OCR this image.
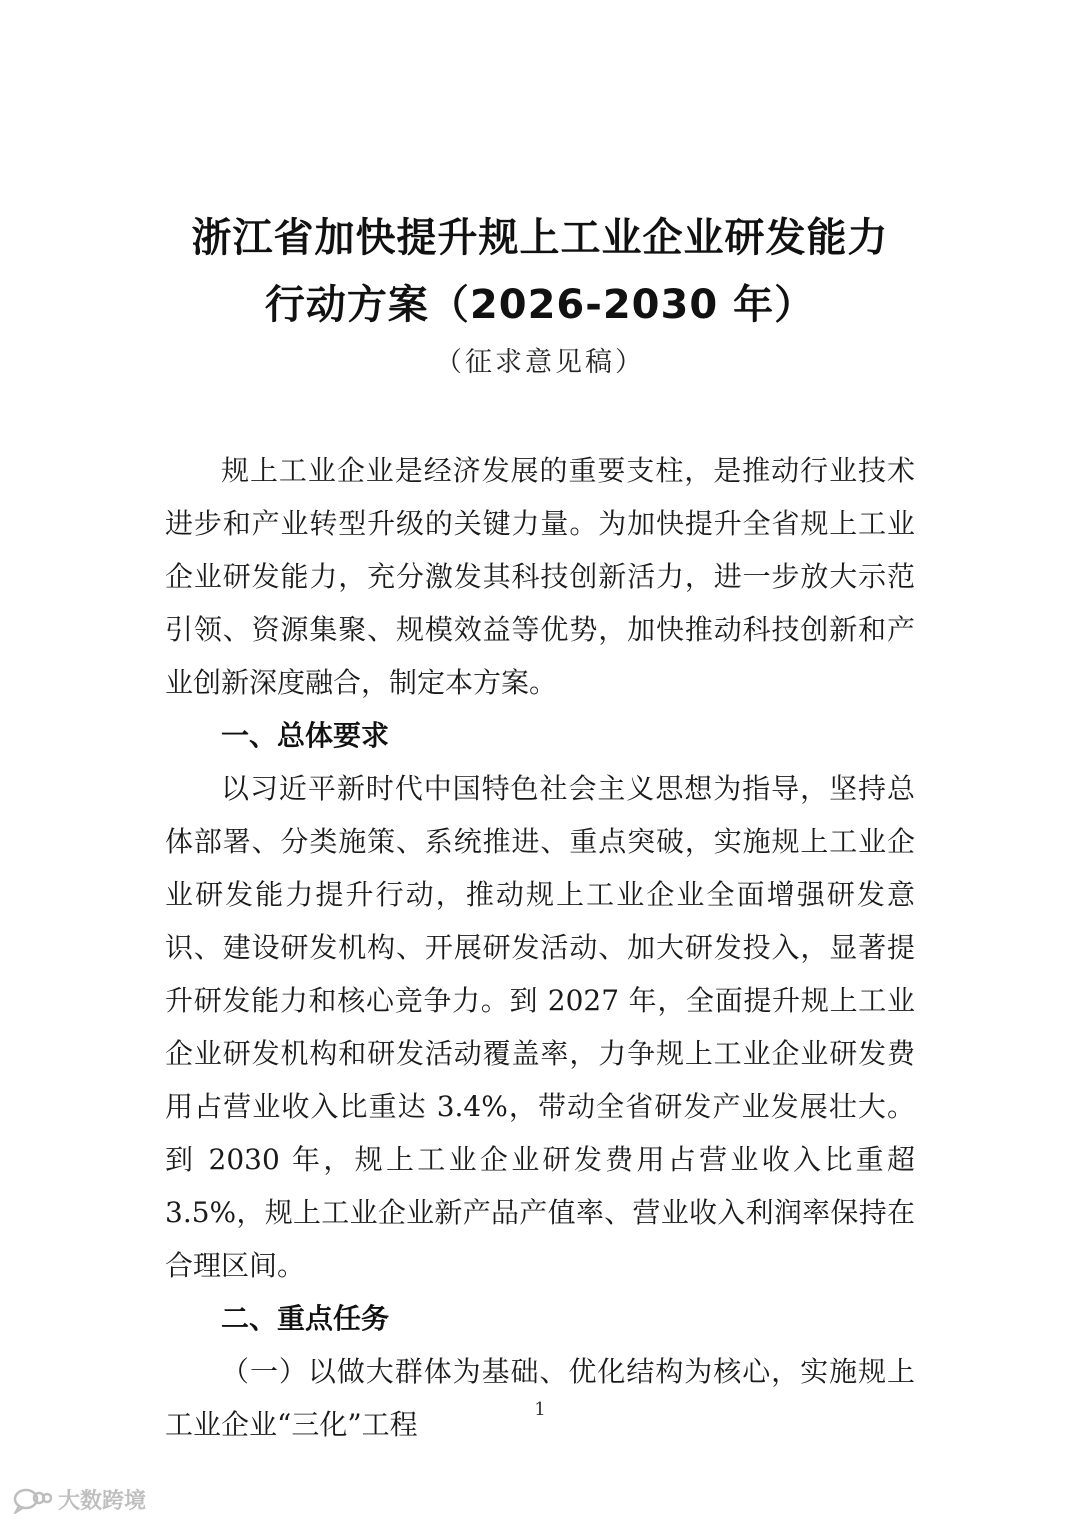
浙江省加快提升规上工业企业研发能力
行动方案（2026-2030 年）
（征求意见稿）

规上工业企业是经济发展的重要支柱，是推动行业技术进步和产业转型升级的关键力量。为加快提升全省规上工业企业研发能力，充分激发其科技创新活力，进一步放大示范引领、资源集聚、规模效益等优势，加快推动科技创新和产业创新深度融合，制定本方案。

一、总体要求

以习近平新时代中国特色社会主义思想为指导，坚持总体部署、分类施策、系统推进、重点突破，实施规上工业企业研发能力提升行动，推动规上工业企业全面增强研发意识、建设研发机构、开展研发活动、加大研发投入，显著提升研发能力和核心竞争力。到 2027 年，全面提升规上工业企业研发机构和研发活动覆盖率，力争规上工业企业研发费用占营业收入比重达 3.4%，带动全省研发产业发展壮大。到 2030 年，规上工业企业研发费用占营业收入比重超 3.5%，规上工业企业新产品产值率、营业收入利润率保持在合理区间。

二、重点任务

（一）以做大群体为基础、优化结构为核心，实施规上工业企业“三化”工程	1
大数跨境
